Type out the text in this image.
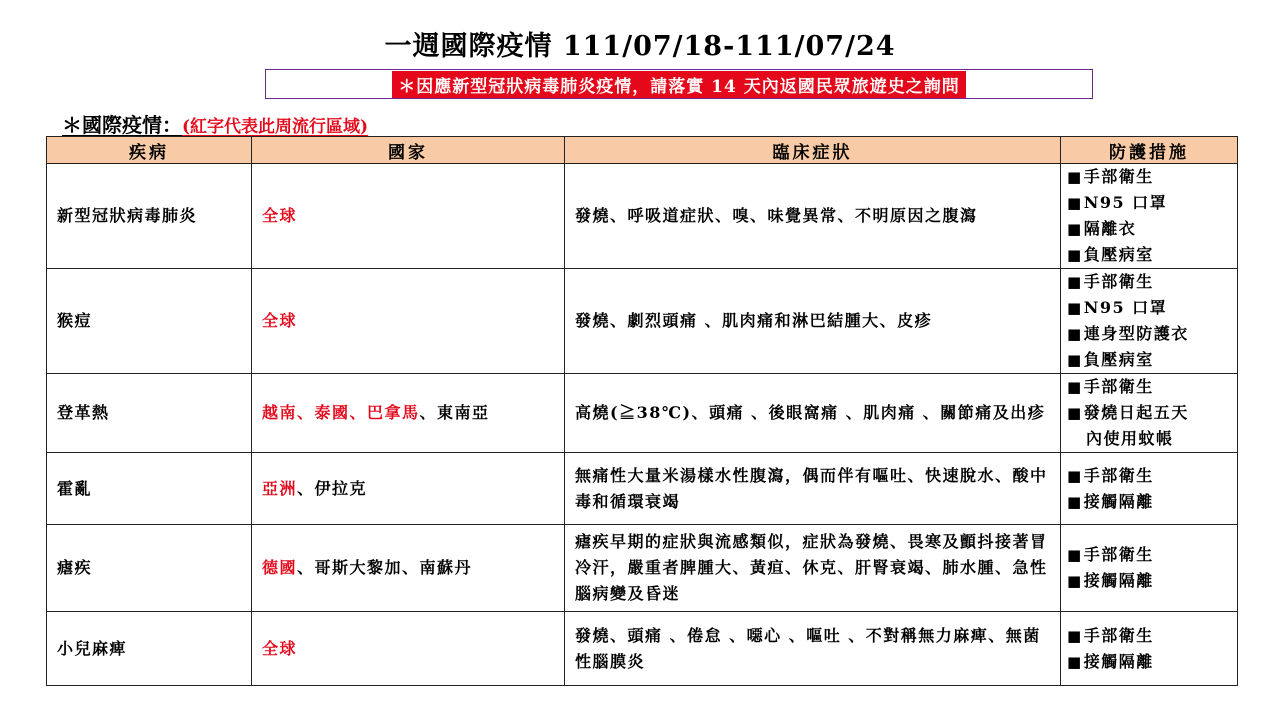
一週國際疫情 111/07/18-111/07/24
＊因應新型冠狀病毒肺炎疫情，請落實 14 天內返國民眾旅遊史之詢問
＊國際疫情：(紅字代表此周流行區域)
疾病	國家	臨床症狀	防護措施
新型冠狀病毒肺炎	全球	發燒、呼吸道症狀、嗅、味覺異常、不明原因之腹瀉	■手部衛生
■N95 口罩
■隔離衣
■負壓病室

猴痘	全球	發燒、劇烈頭痛 、肌肉痛和淋巴結腫大、皮疹	■手部衛生
■N95 口罩
■連身型防護衣
■負壓病室

登革熱	越南、泰國、巴拿馬、東南亞	高燒(≧38℃)、頭痛 、後眼窩痛 、肌肉痛 、關節痛及出疹	■手部衛生
■發燒日起五天
內使用蚊帳

霍亂	亞洲、伊拉克	無痛性大量米湯樣水性腹瀉，偶而伴有嘔吐、快速脫水、酸中毒和循環衰竭	■手部衛生
■接觸隔離

瘧疾	德國、哥斯大黎加、南蘇丹	瘧疾早期的症狀與流感類似，症狀為發燒、畏寒及顫抖接著冒冷汗，嚴重者脾腫大、黃疸、休克、肝腎衰竭、肺水腫、急性腦病變及昏迷	■手部衛生
■接觸隔離

小兒麻痺	全球	發燒、頭痛 、倦怠 、噁心 、嘔吐 、不對稱無力麻痺、無菌性腦膜炎	■手部衛生
■接觸隔離
